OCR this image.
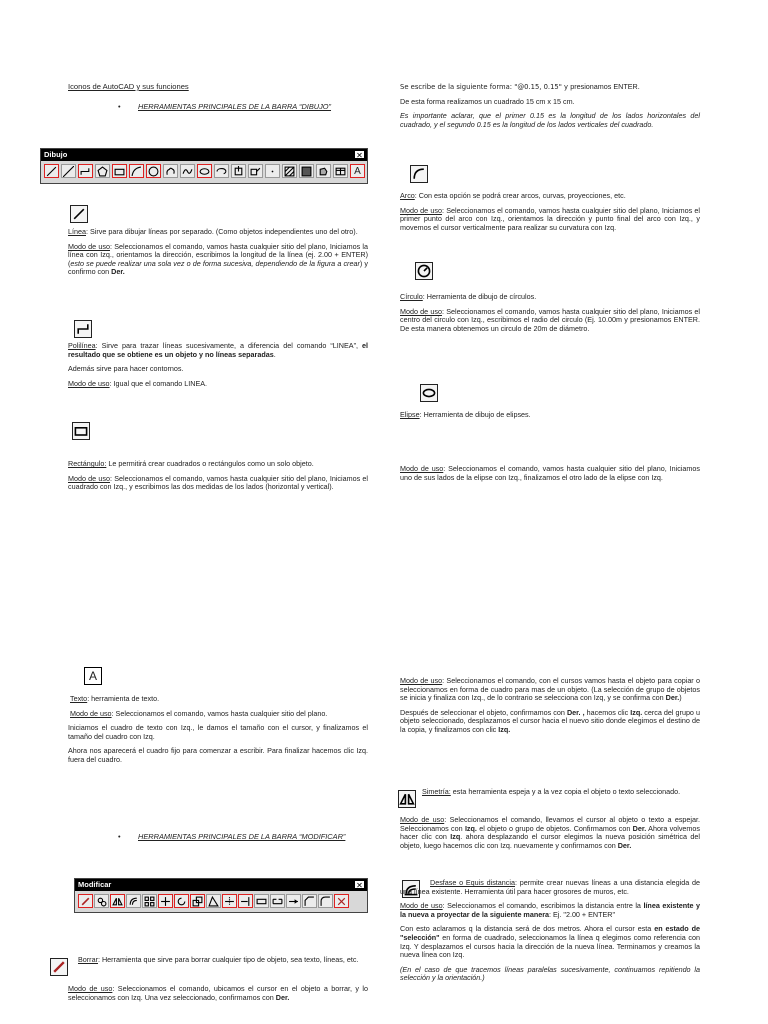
Iconos de AutoCAD y sus funciones

• HERRAMIENTAS PRINCIPALES DE LA BARRA “DIBUJO”
Dibujo	✕
A

Línea: Sirve para dibujar líneas por separado. (Como objetos independientes uno del otro).

Modo de uso: Seleccionamos el comando, vamos hasta cualquier sitio del plano, Iniciamos la línea con Izq., orientamos la dirección, escribimos la longitud de la línea (ej. 2.00 + ENTER) (esto se puede realizar una sola vez o de forma sucesiva, dependiendo de la figura a crear) y confirmo con Der.

Polilínea: Sirve para trazar líneas sucesivamente, a diferencia del comando “LINEA”, el resultado que se obtiene es un objeto y no líneas separadas.

Además sirve para hacer contornos.

Modo de uso: Igual que el comando LINEA.

Rectángulo: Le permitirá crear cuadrados o rectángulos como un solo objeto.

Modo de uso: Seleccionamos el comando, vamos hasta cualquier sitio del plano, Iniciamos el cuadrado con Izq., y escribimos las dos medidas de los lados (horizontal y vertical).

Se escribe de la siguiente forma: "@0.15, 0.15" y presionamos ENTER.

De esta forma realizamos un cuadrado 15 cm x 15 cm.

Es importante aclarar, que el primer 0.15 es la longitud de los lados horizontales del cuadrado, y el segundo 0.15 es la longitud de los lados verticales del cuadrado.

Arco: Con esta opción se podrá crear arcos, curvas, proyecciones, etc.

Modo de uso: Seleccionamos el comando, vamos hasta cualquier sitio del plano, Iniciamos el primer punto del arco con Izq., orientamos la dirección y punto final del arco con Izq., y movemos el cursor verticalmente para realizar su curvatura con Izq.

Círculo: Herramienta de dibujo de círculos.

Modo de uso: Seleccionamos el comando, vamos hasta cualquier sitio del plano, Iniciamos el centro del circulo con Izq., escribimos el radio del circulo (Ej. 10.00m y presionamos ENTER. De esta manera obtenemos un circulo de 20m de diámetro.

Elipse: Herramienta de dibujo de elipses.

Modo de uso: Seleccionamos el comando, vamos hasta cualquier sitio del plano, Iniciamos uno de sus lados de la elipse con Izq., finalizamos el otro lado de la elipse con Izq.

A

Texto: herramienta de texto.

Modo de uso: Seleccionamos el comando, vamos hasta cualquier sitio del plano.

Iniciamos el cuadro de texto con Izq., le damos el tamaño con el cursor, y finalizamos el tamaño del cuadro con Izq.

Ahora nos aparecerá el cuadro fijo para comenzar a escribir. Para finalizar hacemos clic Izq. fuera del cuadro.

• HERRAMIENTAS PRINCIPALES DE LA BARRA “MODIFICAR”
Modificar	✕

Borrar: Herramienta que sirve para borrar cualquier tipo de objeto, sea texto, líneas, etc.

Modo de uso: Seleccionamos el comando, ubicamos el cursor en el objeto a borrar, y lo seleccionamos con Izq. Una vez seleccionado, confirmamos con Der.

Modo de uso: Seleccionamos el comando, con el cursos vamos hasta el objeto para copiar o seleccionamos en forma de cuadro para mas de un objeto. (La selección de grupo de objetos se inicia y finaliza con Izq., de lo contrario se selecciona con Izq, y se confirma con Der.)

Después de seleccionar el objeto, confirmamos con Der. , hacemos clic Izq. cerca del grupo u objeto seleccionado, desplazamos el cursor hacia el nuevo sitio donde elegimos el destino de la copia, y finalizamos con clic Izq.

Simetría: esta herramienta espeja y a la vez copia el objeto o texto seleccionado.

Modo de uso: Seleccionamos el comando, llevamos el cursor al objeto o texto a espejar. Seleccionamos con Izq. el objeto o grupo de objetos. Confirmamos con Der. Ahora volvemos hacer clic con Izq. ahora desplazando el cursor elegimos la nueva posición simétrica del objeto, luego hacemos clic con Izq. nuevamente y confirmamos con Der.

Desfase o Equis distancia: permite crear nuevas líneas a una distancia elegida de una línea existente. Herramienta útil para hacer grosores de muros, etc.

Modo de uso: Seleccionamos el comando, escribimos la distancia entre la línea existente y la nueva a proyectar de la siguiente manera: Ej. "2.00 + ENTER"

Con esto aclaramos q la distancia será de dos metros. Ahora el cursor esta en estado de "selección" en forma de cuadrado, seleccionamos la línea q elegimos como referencia con Izq. Y desplazamos el cursos hacia la dirección de la nueva línea. Terminamos y creamos la nueva línea con Izq.

(En el caso de que tracemos líneas paralelas sucesivamente, continuamos repitiendo la selección y la orientación.)
